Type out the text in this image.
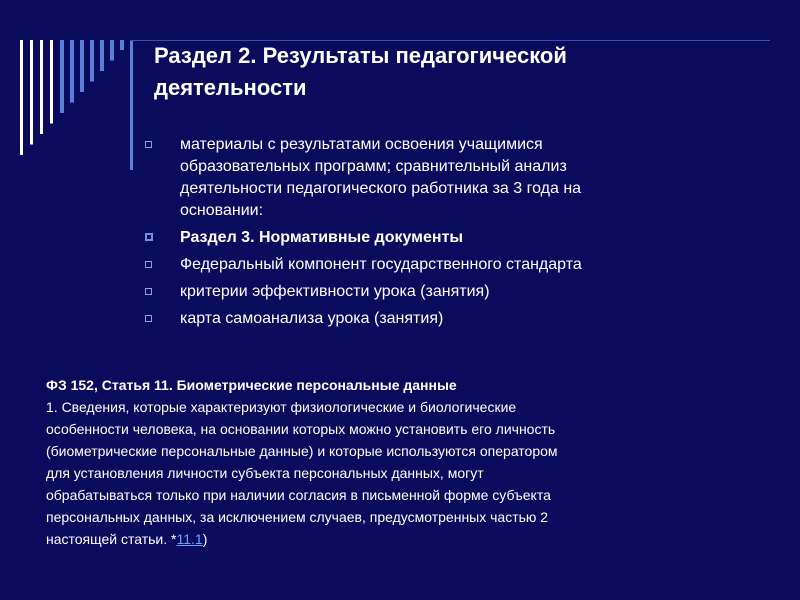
Раздел 2. Результаты педагогической
деятельности
материалы с результатами освоения учащимися
образовательных программ; сравнительный анализ
деятельности педагогического работника за 3 года на
основании:
Раздел 3. Нормативные документы
Федеральный компонент государственного стандарта
критерии эффективности урока (занятия)
карта самоанализа урока (занятия)
ФЗ 152, Статья 11. Биометрические персональные данные
1. Сведения, которые характеризуют физиологические и биологические
особенности человека, на основании которых можно установить его личность
(биометрические персональные данные) и которые используются оператором
для установления личности субъекта персональных данных, могут
обрабатываться только при наличии согласия в письменной форме субъекта
персональных данных, за исключением случаев, предусмотренных частью 2
настоящей статьи. *11.1)
